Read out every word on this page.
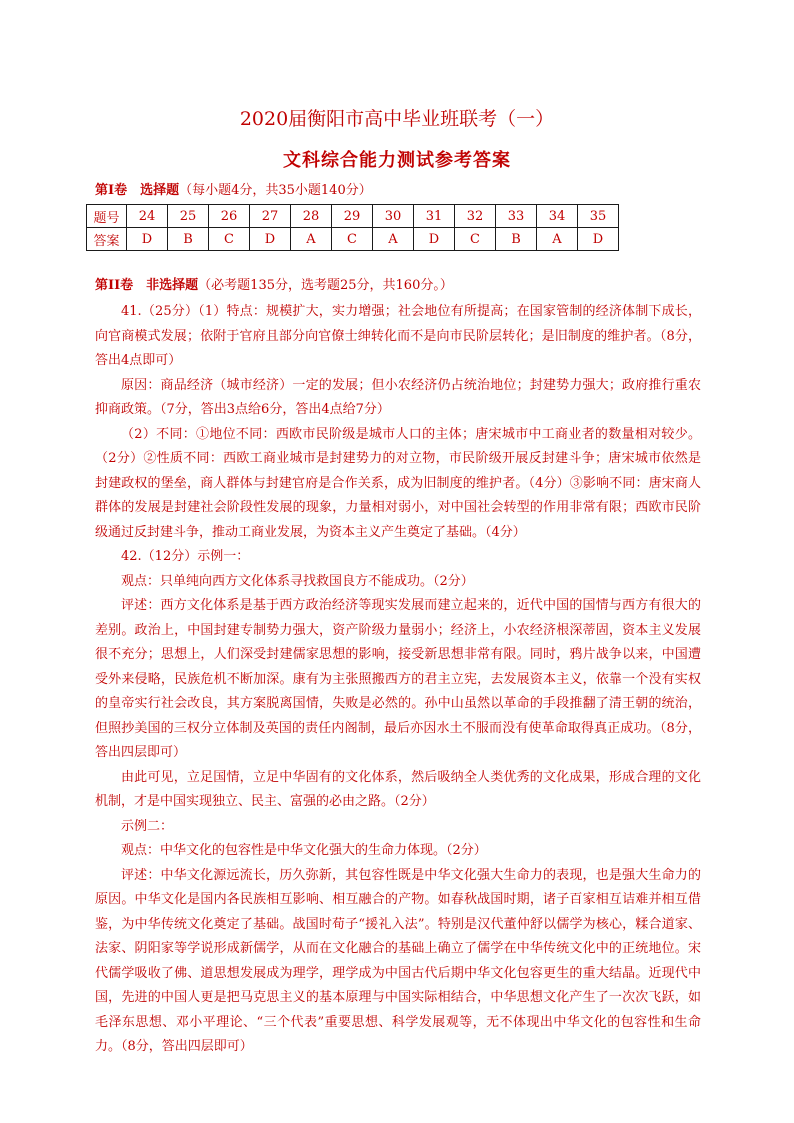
2020届衡阳市高中毕业班联考（一）
文科综合能力测试参考答案
第Ⅰ卷　选择题（每小题4分，共35小题140分）
题号	24	25	26	27	28	29	30	31	32	33	34	35
答案	D	B	C	D	A	C	A	D	C	B	A	D
第II卷　非选择题（必考题135分，选考题25分，共160分。）

41.（25分）（1）特点：规模扩大，实力增强；社会地位有所提高；在国家管制的经济体制下成长，向官商模式发展；依附于官府且部分向官僚士绅转化而不是向市民阶层转化；是旧制度的维护者。（8分，答出4点即可）

原因：商品经济（城市经济）一定的发展；但小农经济仍占统治地位；封建势力强大；政府推行重农抑商政策。（7分，答出3点给6分，答出4点给7分）

（2）不同：①地位不同：西欧市民阶级是城市人口的主体；唐宋城市中工商业者的数量相对较少。（2分）②性质不同：西欧工商业城市是封建势力的对立物，市民阶级开展反封建斗争；唐宋城市依然是封建政权的堡垒，商人群体与封建官府是合作关系，成为旧制度的维护者。（4分）③影响不同：唐宋商人群体的发展是封建社会阶段性发展的现象，力量相对弱小，对中国社会转型的作用非常有限；西欧市民阶级通过反封建斗争，推动工商业发展，为资本主义产生奠定了基础。（4分）

42.（12分）示例一：

观点：只单纯向西方文化体系寻找救国良方不能成功。（2分）

评述：西方文化体系是基于西方政治经济等现实发展而建立起来的，近代中国的国情与西方有很大的差别。政治上，中国封建专制势力强大，资产阶级力量弱小；经济上，小农经济根深蒂固，资本主义发展很不充分；思想上，人们深受封建儒家思想的影响，接受新思想非常有限。同时，鸦片战争以来，中国遭受外来侵略，民族危机不断加深。康有为主张照搬西方的君主立宪，去发展资本主义，依靠一个没有实权的皇帝实行社会改良，其方案脱离国情，失败是必然的。孙中山虽然以革命的手段推翻了清王朝的统治，但照抄美国的三权分立体制及英国的责任内阁制，最后亦因水土不服而没有使革命取得真正成功。（8分，答出四层即可）

由此可见，立足国情，立足中华固有的文化体系，然后吸纳全人类优秀的文化成果，形成合理的文化机制，才是中国实现独立、民主、富强的必由之路。（2分）

示例二：

观点：中华文化的包容性是中华文化强大的生命力体现。（2分）

评述：中华文化源远流长，历久弥新，其包容性既是中华文化强大生命力的表现，也是强大生命力的原因。中华文化是国内各民族相互影响、相互融合的产物。如春秋战国时期，诸子百家相互诘难并相互借鉴，为中华传统文化奠定了基础。战国时荀子“援礼入法”。特别是汉代董仲舒以儒学为核心，糅合道家、法家、阴阳家等学说形成新儒学，从而在文化融合的基础上确立了儒学在中华传统文化中的正统地位。宋代儒学吸收了佛、道思想发展成为理学，理学成为中国古代后期中华文化包容更生的重大结晶。近现代中国，先进的中国人更是把马克思主义的基本原理与中国实际相结合，中华思想文化产生了一次次飞跃，如毛泽东思想、邓小平理论、“三个代表”重要思想、科学发展观等，无不体现出中华文化的包容性和生命力。（8分，答出四层即可）
